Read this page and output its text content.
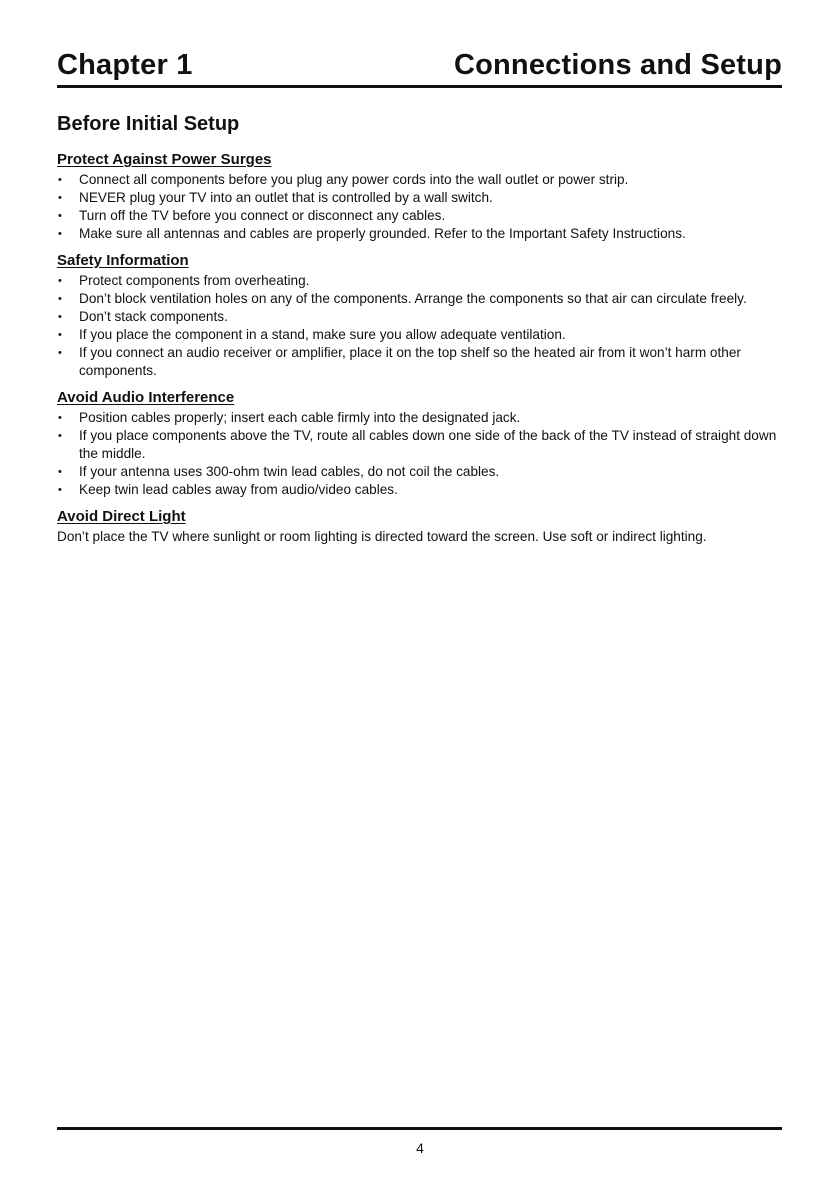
Chapter 1	Connections and Setup
Before Initial Setup
Protect Against Power Surges
• Connect all components before you plug any power cords into the wall outlet or power strip.
• NEVER plug your TV into an outlet that is controlled by a wall switch.
• Turn off the TV before you connect or disconnect any cables.
• Make sure all antennas and cables are properly grounded. Refer to the Important Safety Instructions.
Safety Information
• Protect components from overheating.
• Don’t block ventilation holes on any of the components. Arrange the components so that air can circulate freely.
• Don’t stack components.
• If you place the component in a stand, make sure you allow adequate ventilation.
• If you connect an audio receiver or amplifier, place it on the top shelf so the heated air from it won’t harm other components.
Avoid Audio Interference
• Position cables properly; insert each cable firmly into the designated jack.
• If you place components above the TV, route all cables down one side of the back of the TV instead of straight down the middle.
• If your antenna uses 300-ohm twin lead cables, do not coil the cables.
• Keep twin lead cables away from audio/video cables.
Avoid Direct Light

Don’t place the TV where sunlight or room lighting is directed toward the screen. Use soft or indirect lighting.

4
